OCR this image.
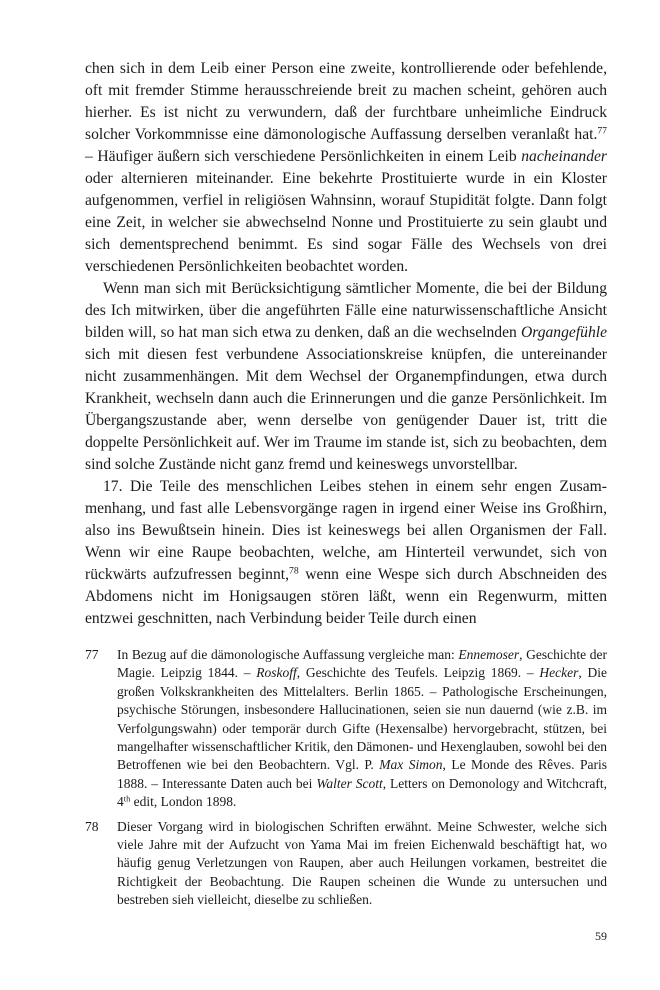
chen sich in dem Leib einer Person eine zweite, kontrollierende oder befehlende, oft mit fremder Stimme herausschreiende breit zu machen scheint, gehören auch hierher. Es ist nicht zu verwundern, daß der furchtbare unheimliche Eindruck solcher Vorkommnisse eine dämonologische Auffassung derselben veranlaßt hat.$^{77}$ – Häufiger äußern sich verschiedene Persönlichkeiten in einem Leib nacheinander oder alternieren miteinander. Eine bekehrte Prostituierte wurde in ein Kloster aufgenommen, verfiel in religiösen Wahnsinn, worauf Stupidität folgte. Dann folgt eine Zeit, in welcher sie abwechselnd Nonne und Prostituierte zu sein glaubt und sich dementsprechend benimmt. Es sind sogar Fälle des Wechsels von drei verschiedenen Persönlichkeiten beobachtet worden.

Wenn man sich mit Berücksichtigung sämtlicher Momente, die bei der Bildung des Ich mitwirken, über die angeführten Fälle eine naturwissenschaftliche Ansicht bilden will, so hat man sich etwa zu denken, daß an die wechselnden Organgefühle sich mit diesen fest verbundene Associationskreise knüpfen, die untereinander nicht zusammenhängen. Mit dem Wechsel der Organempfindungen, etwa durch Krankheit, wechseln dann auch die Erinnerungen und die ganze Persönlichkeit. Im Übergangszustande aber, wenn derselbe von genügender Dauer ist, tritt die doppelte Persönlichkeit auf. Wer im Traume im stande ist, sich zu beobachten, dem sind solche Zustände nicht ganz fremd und keineswegs unvorstellbar.

17. Die Teile des menschlichen Leibes stehen in einem sehr engen Zusammenhang, und fast alle Lebensvorgänge ragen in irgend einer Weise ins Großhirn, also ins Bewußtsein hinein. Dies ist keineswegs bei allen Organismen der Fall. Wenn wir eine Raupe beobachten, welche, am Hinterteil verwundet, sich von rückwärts aufzufressen beginnt,$^{78}$ wenn eine Wespe sich durch Abschneiden des Abdomens nicht im Honigsaugen stören läßt, wenn ein Regenwurm, mitten entzwei geschnitten, nach Verbindung beider Teile durch einen

77	In Bezug auf die dämonologische Auffassung vergleiche man: Ennemoser, Geschichte der Magie. Leipzig 1844. – Roskoff, Geschichte des Teufels. Leipzig 1869. – Hecker, Die großen Volkskrankheiten des Mittelalters. Berlin 1865. – Pathologische Erscheinungen, psychische Störungen, insbesondere Hallucinationen, seien sie nun dauernd (wie z.B. im Verfolgungswahn) oder temporär durch Gifte (Hexensalbe) hervorgebracht, stützen, bei mangelhafter wissenschaftlicher Kritik, den Dämonen- und Hexenglauben, sowohl bei den Betroffenen wie bei den Beobachtern. Vgl. P. Max Simon, Le Monde des Rêves. Paris 1888. – Interessante Daten auch bei Walter Scott, Letters on Demonology and Witchcraft, 4th edit, London 1898.
78	Dieser Vorgang wird in biologischen Schriften erwähnt. Meine Schwester, welche sich viele Jahre mit der Aufzucht von Yama Mai im freien Eichenwald beschäftigt hat, wo häufig genug Verletzungen von Raupen, aber auch Heilungen vorkamen, bestreitet die Richtigkeit der Beobachtung. Die Raupen scheinen die Wunde zu untersuchen und bestreben sieh vielleicht, dieselbe zu schließen.
59
